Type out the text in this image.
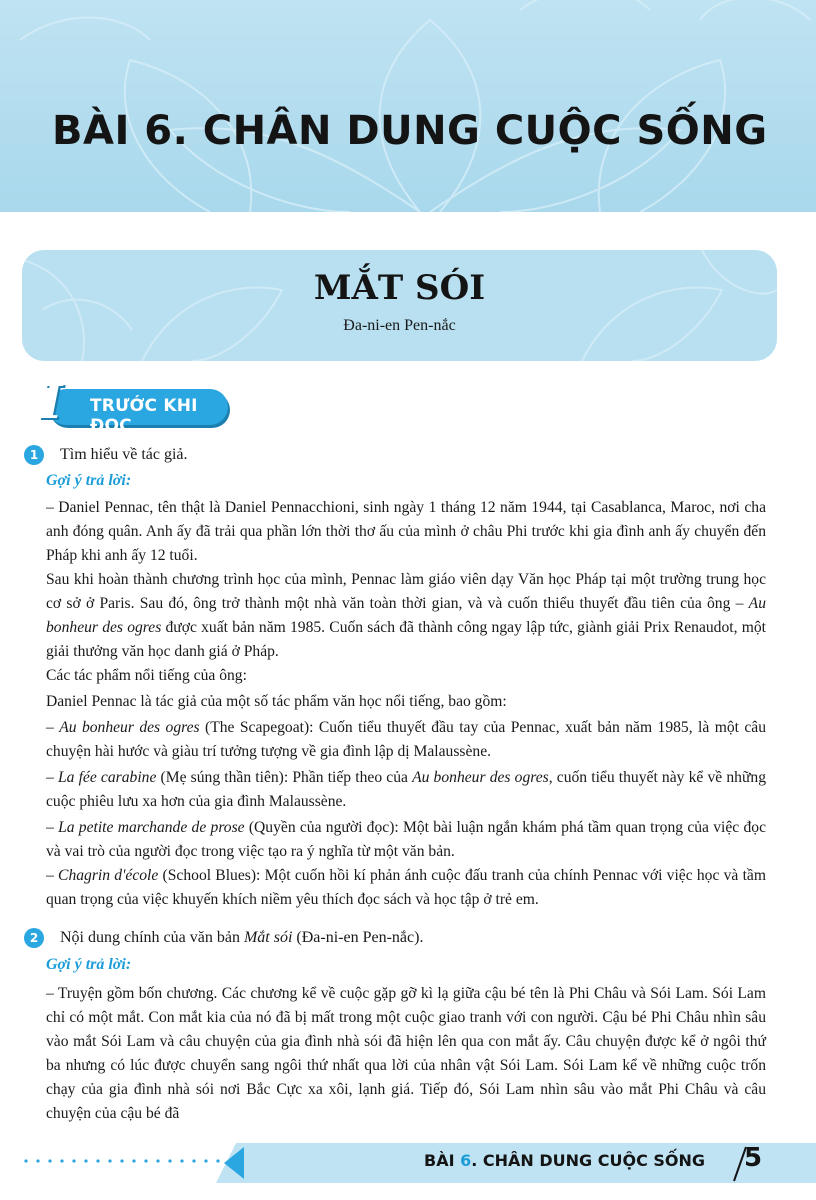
BÀI 6. CHÂN DUNG CUỘC SỐNG
MẮT SÓI
Đa-ni-en Pen-nắc
I TRƯỚC KHI ĐỌC
1	Tìm hiểu về tác giả.
Gợi ý trả lời:
– Daniel Pennac, tên thật là Daniel Pennacchioni, sinh ngày 1 tháng 12 năm 1944, tại Casablanca, Maroc, nơi cha anh đóng quân. Anh ấy đã trải qua phần lớn thời thơ ấu của mình ở châu Phi trước khi gia đình anh ấy chuyển đến Pháp khi anh ấy 12 tuổi.
Sau khi hoàn thành chương trình học của mình, Pennac làm giáo viên dạy Văn học Pháp tại một trường trung học cơ sở ở Paris. Sau đó, ông trở thành một nhà văn toàn thời gian, và và cuốn thiểu thuyết đầu tiên của ông – Au bonheur des ogres được xuất bản năm 1985. Cuốn sách đã thành công ngay lập tức, giành giải Prix Renaudot, một giải thưởng văn học danh giá ở Pháp.
Các tác phẩm nổi tiếng của ông:
Daniel Pennac là tác giả của một số tác phẩm văn học nổi tiếng, bao gồm:
– Au bonheur des ogres (The Scapegoat): Cuốn tiểu thuyết đầu tay của Pennac, xuất bản năm 1985, là một câu chuyện hài hước và giàu trí tưởng tượng về gia đình lập dị Malaussène.
– La fée carabine (Mẹ súng thần tiên): Phần tiếp theo của Au bonheur des ogres, cuốn tiểu thuyết này kể về những cuộc phiêu lưu xa hơn của gia đình Malaussène.
– La petite marchande de prose (Quyền của người đọc): Một bài luận ngắn khám phá tầm quan trọng của việc đọc và vai trò của người đọc trong việc tạo ra ý nghĩa từ một văn bản.
– Chagrin d'école (School Blues): Một cuốn hồi kí phản ánh cuộc đấu tranh của chính Pennac với việc học và tầm quan trọng của việc khuyến khích niềm yêu thích đọc sách và học tập ở trẻ em.
2	Nội dung chính của văn bản Mắt sói (Đa-ni-en Pen-nắc).
Gợi ý trả lời:
– Truyện gồm bốn chương. Các chương kể về cuộc gặp gỡ kì lạ giữa cậu bé tên là Phi Châu và Sói Lam. Sói Lam chỉ có một mắt. Con mắt kia của nó đã bị mất trong một cuộc giao tranh với con người. Cậu bé Phi Châu nhìn sâu vào mắt Sói Lam và câu chuyện của gia đình nhà sói đã hiện lên qua con mắt ấy. Câu chuyện được kể ở ngôi thứ ba nhưng có lúc được chuyển sang ngôi thứ nhất qua lời của nhân vật Sói Lam. Sói Lam kể về những cuộc trốn chạy của gia đình nhà sói nơi Bắc Cực xa xôi, lạnh giá. Tiếp đó, Sói Lam nhìn sâu vào mắt Phi Châu và câu chuyện của cậu bé đã
BÀI 6. CHÂN DUNG CUỘC SỐNG 5
